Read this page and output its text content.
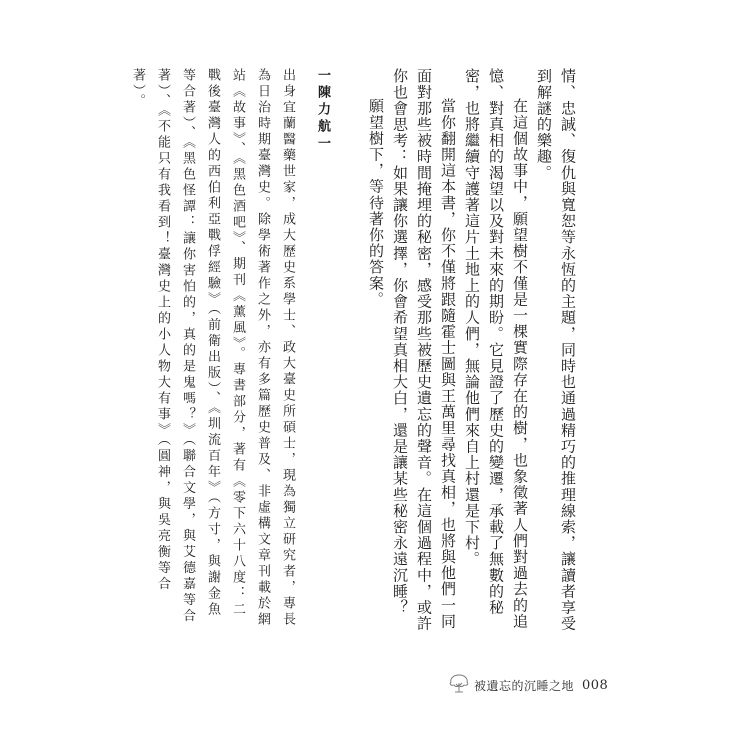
情、忠誠、復仇與寬恕等永恆的主題，同時也通過精巧的推理線索，讓讀者享受到解謎的樂趣。

在這個故事中，願望樹不僅是一棵實際存在的樹，也象徵著人們對過去的追憶、對真相的渴望以及對未來的期盼。它見證了歷史的變遷，承載了無數的秘密，也將繼續守護著這片土地上的人們，無論他們來自上村還是下村。

當你翻開這本書，你不僅將跟隨霍士圖與王萬里尋找真相，也將與他們一同面對那些被時間掩埋的秘密，感受那些被歷史遺忘的聲音。在這個過程中，或許你也會思考：如果讓你選擇，你會希望真相大白，還是讓某些秘密永遠沉睡？

願望樹下，等待著你的答案。

一陳力航一

出身宜蘭醫藥世家，成大歷史系學士、政大臺史所碩士，現為獨立研究者，專長為日治時期臺灣史。除學術著作之外，亦有多篇歷史普及、非虛構文章刊載於網站《故事》、《黑色酒吧》、期刊《薰風》。專書部分，著有《零下六十八度：二戰後臺灣人的西伯利亞戰俘經驗》（前衛出版）、《圳流百年》（方寸，與謝金魚等合著）、《黑色怪譚：讓你害怕的，真的是鬼嗎？》（聯合文學，與艾德嘉等合著）、《不能只有我看到！臺灣史上的小人物大有事》（圓神，與吳亮衡等合著）。

被遺忘的沉睡之地 008
